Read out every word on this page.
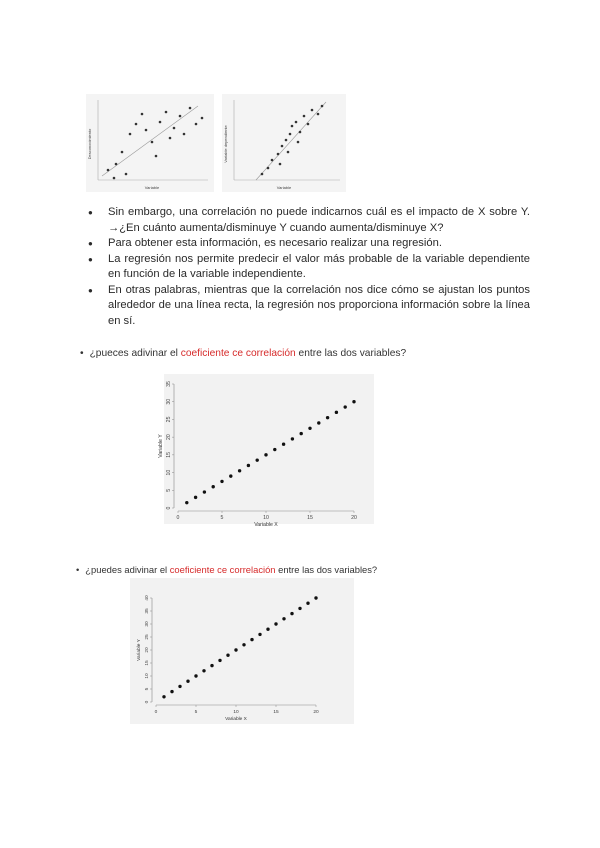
Desconocimiento
Variable
Variable dependiente
Variable
● Sin embargo, una correlación no puede indicarnos cuál es el impacto de X sobre Y. →¿En cuánto aumenta/disminuye Y cuando aumenta/disminuye X?
● Para obtener esta información, es necesario realizar una regresión.
● La regresión nos permite predecir el valor más probable de la variable dependiente en función de la variable independiente.
● En otras palabras, mientras que la correlación nos dice cómo se ajustan los puntos alrededor de una línea recta, la regresión nos proporciona información sobre la línea en sí.
• ¿pueces adivinar el coeficiente ce correlación entre las dos variables?
0	5	10	15	20
0
5
10
15
20
25
30
35
Variable X
Variable Y
• ¿puedes adivinar el coeficiente ce correlación entre las dos variables?
0	5	10	15	20
0
5
10
15
20
25
30
35
40
Variable X
Variable Y
